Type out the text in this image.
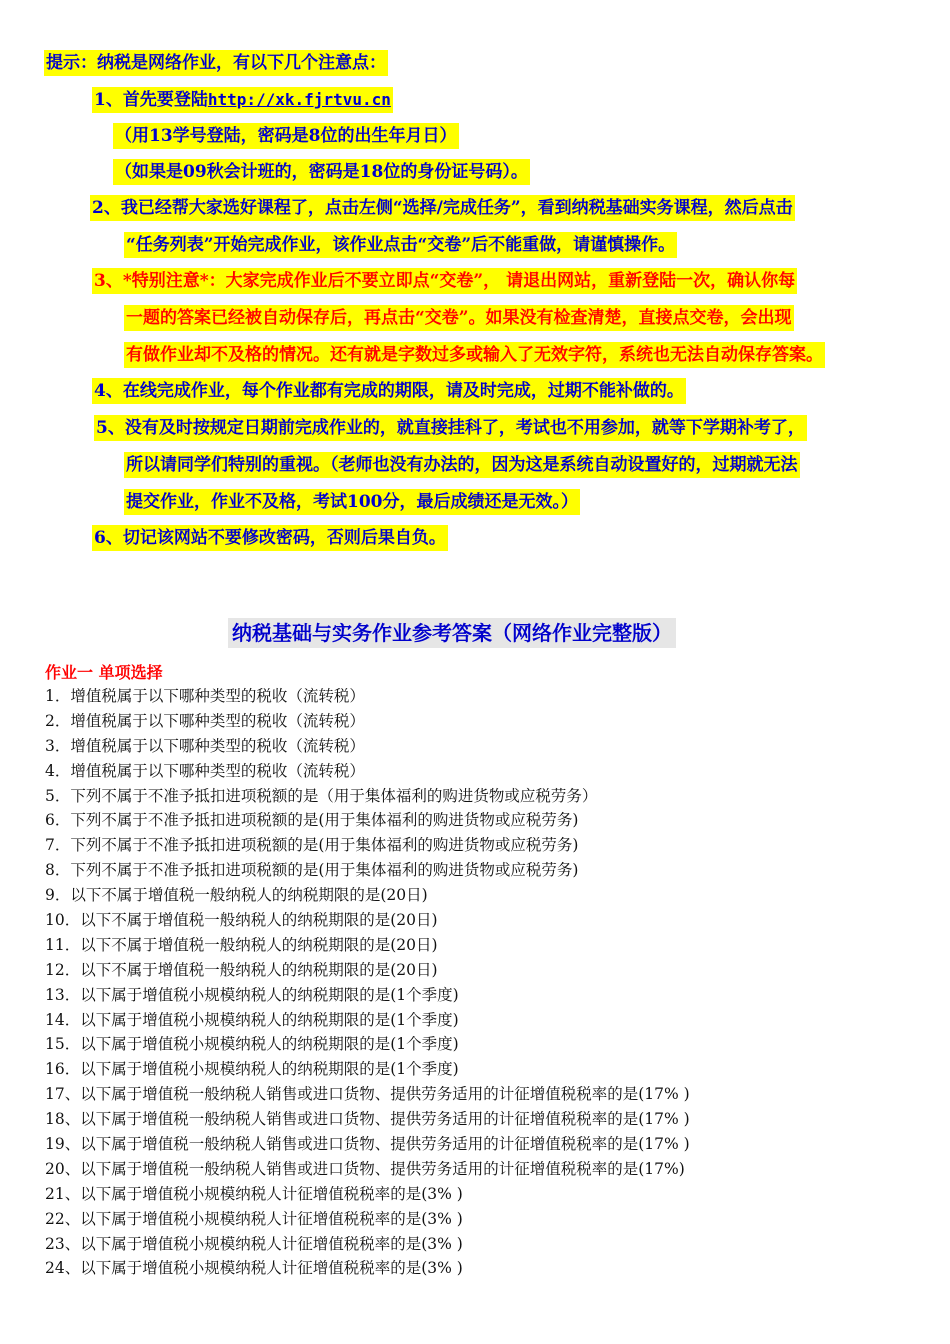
提示：纳税是网络作业，有以下几个注意点：
1、首先要登陆http://xk.fjrtvu.cn
（用13学号登陆，密码是8位的出生年月日）
（如果是09秋会计班的，密码是18位的身份证号码）。
2、我已经帮大家选好课程了，点击左侧“选择/完成任务”，看到纳税基础实务课程，然后点击
“任务列表”开始完成作业，该作业点击“交卷”后不能重做，请谨慎操作。
3、*特别注意*：大家完成作业后不要立即点“交卷”， 请退出网站，重新登陆一次，确认你每
一题的答案已经被自动保存后，再点击“交卷”。如果没有检查清楚，直接点交卷，会出现
有做作业却不及格的情况。还有就是字数过多或输入了无效字符，系统也无法自动保存答案。
4、在线完成作业，每个作业都有完成的期限，请及时完成，过期不能补做的。
5、没有及时按规定日期前完成作业的，就直接挂科了，考试也不用参加，就等下学期补考了，
所以请同学们特别的重视。（老师也没有办法的，因为这是系统自动设置好的，过期就无法
提交作业，作业不及格，考试100分，最后成绩还是无效。）
6、切记该网站不要修改密码，否则后果自负。
纳税基础与实务作业参考答案（网络作业完整版）
作业一 单项选择
1．增值税属于以下哪种类型的税收（流转税）
2．增值税属于以下哪种类型的税收（流转税）
3．增值税属于以下哪种类型的税收（流转税）
4．增值税属于以下哪种类型的税收（流转税）
5．下列不属于不准予抵扣进项税额的是（用于集体福利的购进货物或应税劳务）
6．下列不属于不准予抵扣进项税额的是(用于集体福利的购进货物或应税劳务)
7．下列不属于不准予抵扣进项税额的是(用于集体福利的购进货物或应税劳务)
8．下列不属于不准予抵扣进项税额的是(用于集体福利的购进货物或应税劳务)
9．以下不属于增值税一般纳税人的纳税期限的是(20日)
10．以下不属于增值税一般纳税人的纳税期限的是(20日)
11．以下不属于增值税一般纳税人的纳税期限的是(20日)
12．以下不属于增值税一般纳税人的纳税期限的是(20日)
13．以下属于增值税小规模纳税人的纳税期限的是(1个季度)
14．以下属于增值税小规模纳税人的纳税期限的是(1个季度)
15．以下属于增值税小规模纳税人的纳税期限的是(1个季度)
16．以下属于增值税小规模纳税人的纳税期限的是(1个季度)
17、以下属于增值税一般纳税人销售或进口货物、提供劳务适用的计征增值税税率的是(17% )
18、以下属于增值税一般纳税人销售或进口货物、提供劳务适用的计征增值税税率的是(17% )
19、以下属于增值税一般纳税人销售或进口货物、提供劳务适用的计征增值税税率的是(17% )
20、以下属于增值税一般纳税人销售或进口货物、提供劳务适用的计征增值税税率的是(17%)
21、以下属于增值税小规模纳税人计征增值税税率的是(3% )
22、以下属于增值税小规模纳税人计征增值税税率的是(3% )
23、以下属于增值税小规模纳税人计征增值税税率的是(3% )
24、以下属于增值税小规模纳税人计征增值税税率的是(3% )
